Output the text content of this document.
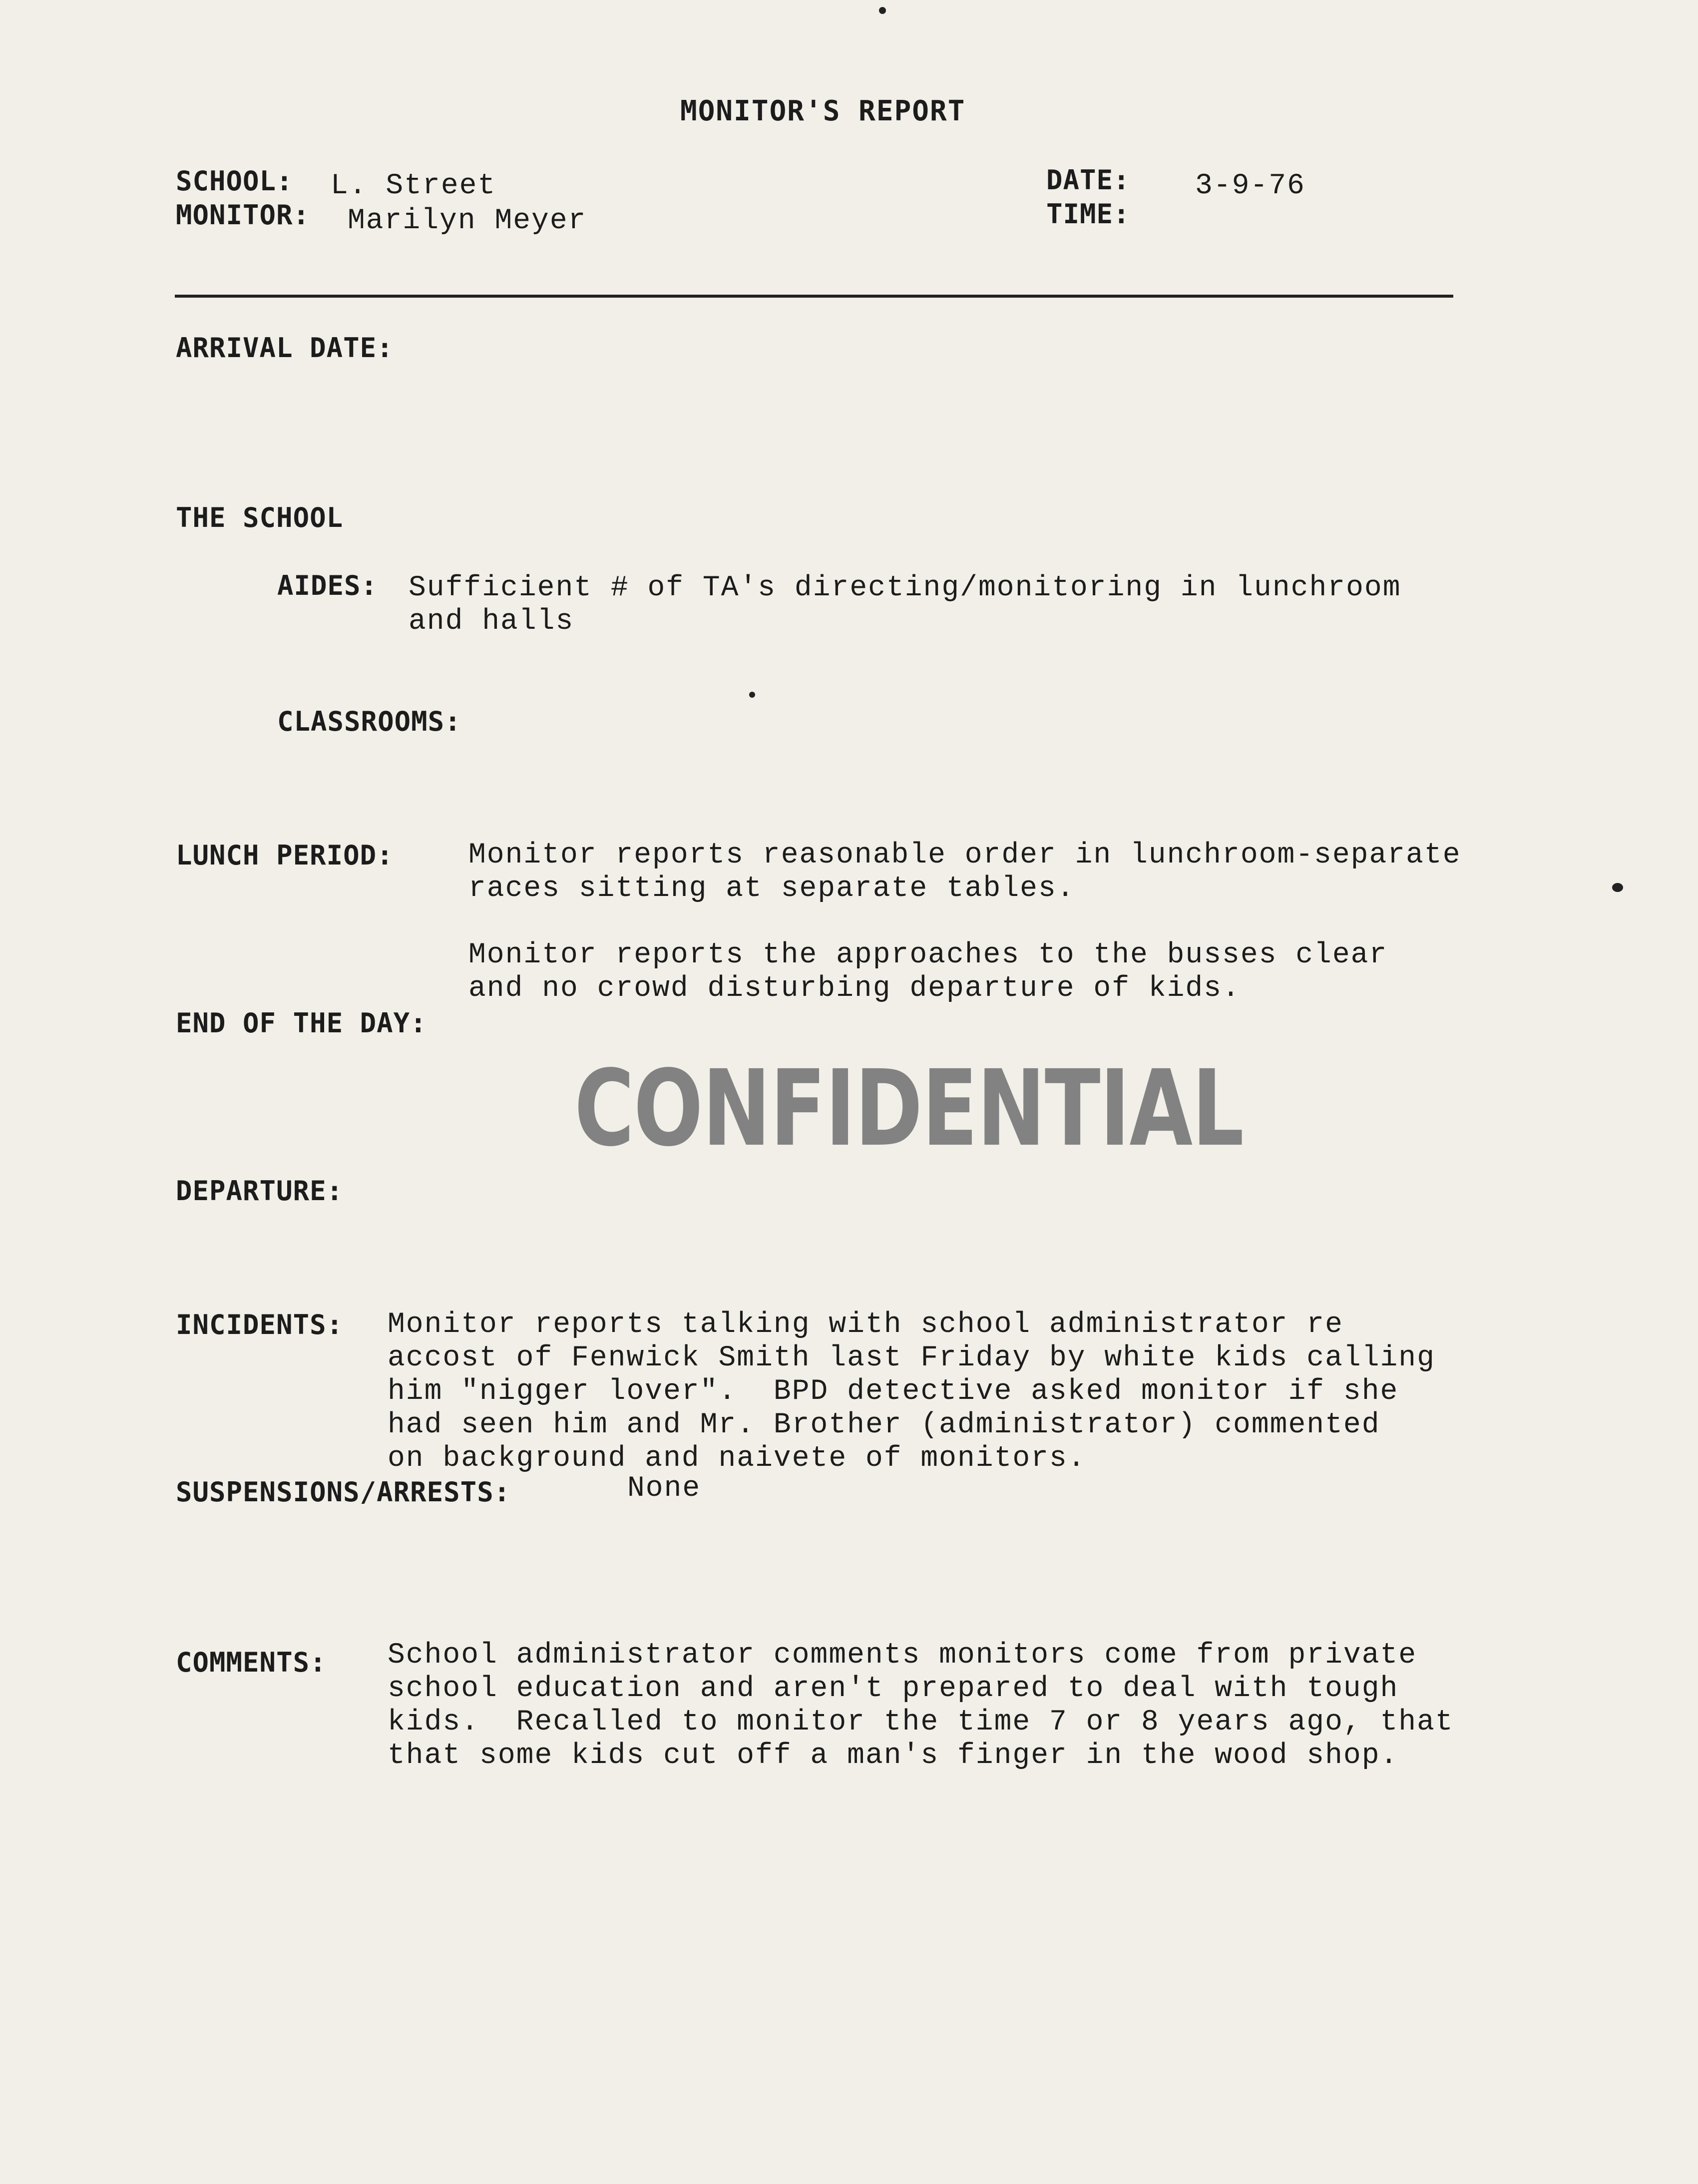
MONITOR'S REPORT
SCHOOL: L. Street
MONITOR: Marilyn Meyer
DATE: 3-9-76
TIME:
ARRIVAL DATE:
THE SCHOOL
AIDES: Sufficient # of TA's directing/monitoring in lunchroom
and halls
CLASSROOMS:
LUNCH PERIOD:	Monitor reports reasonable order in lunchroom-separate
races sitting at separate tables.
Monitor reports the approaches to the busses clear
and no crowd disturbing departure of kids.
END OF THE DAY:
CONFIDENTIAL
DEPARTURE:
INCIDENTS: Monitor reports talking with school administrator re
accost of Fenwick Smith last Friday by white kids calling
him "nigger lover".  BPD detective asked monitor if she
had seen him and Mr. Brother (administrator) commented
on background and naivete of monitors.
SUSPENSIONS/ARRESTS:	None
COMMENTS: School administrator comments monitors come from private
school education and aren't prepared to deal with tough
kids.  Recalled to monitor the time 7 or 8 years ago, that
that some kids cut off a man's finger in the wood shop.
